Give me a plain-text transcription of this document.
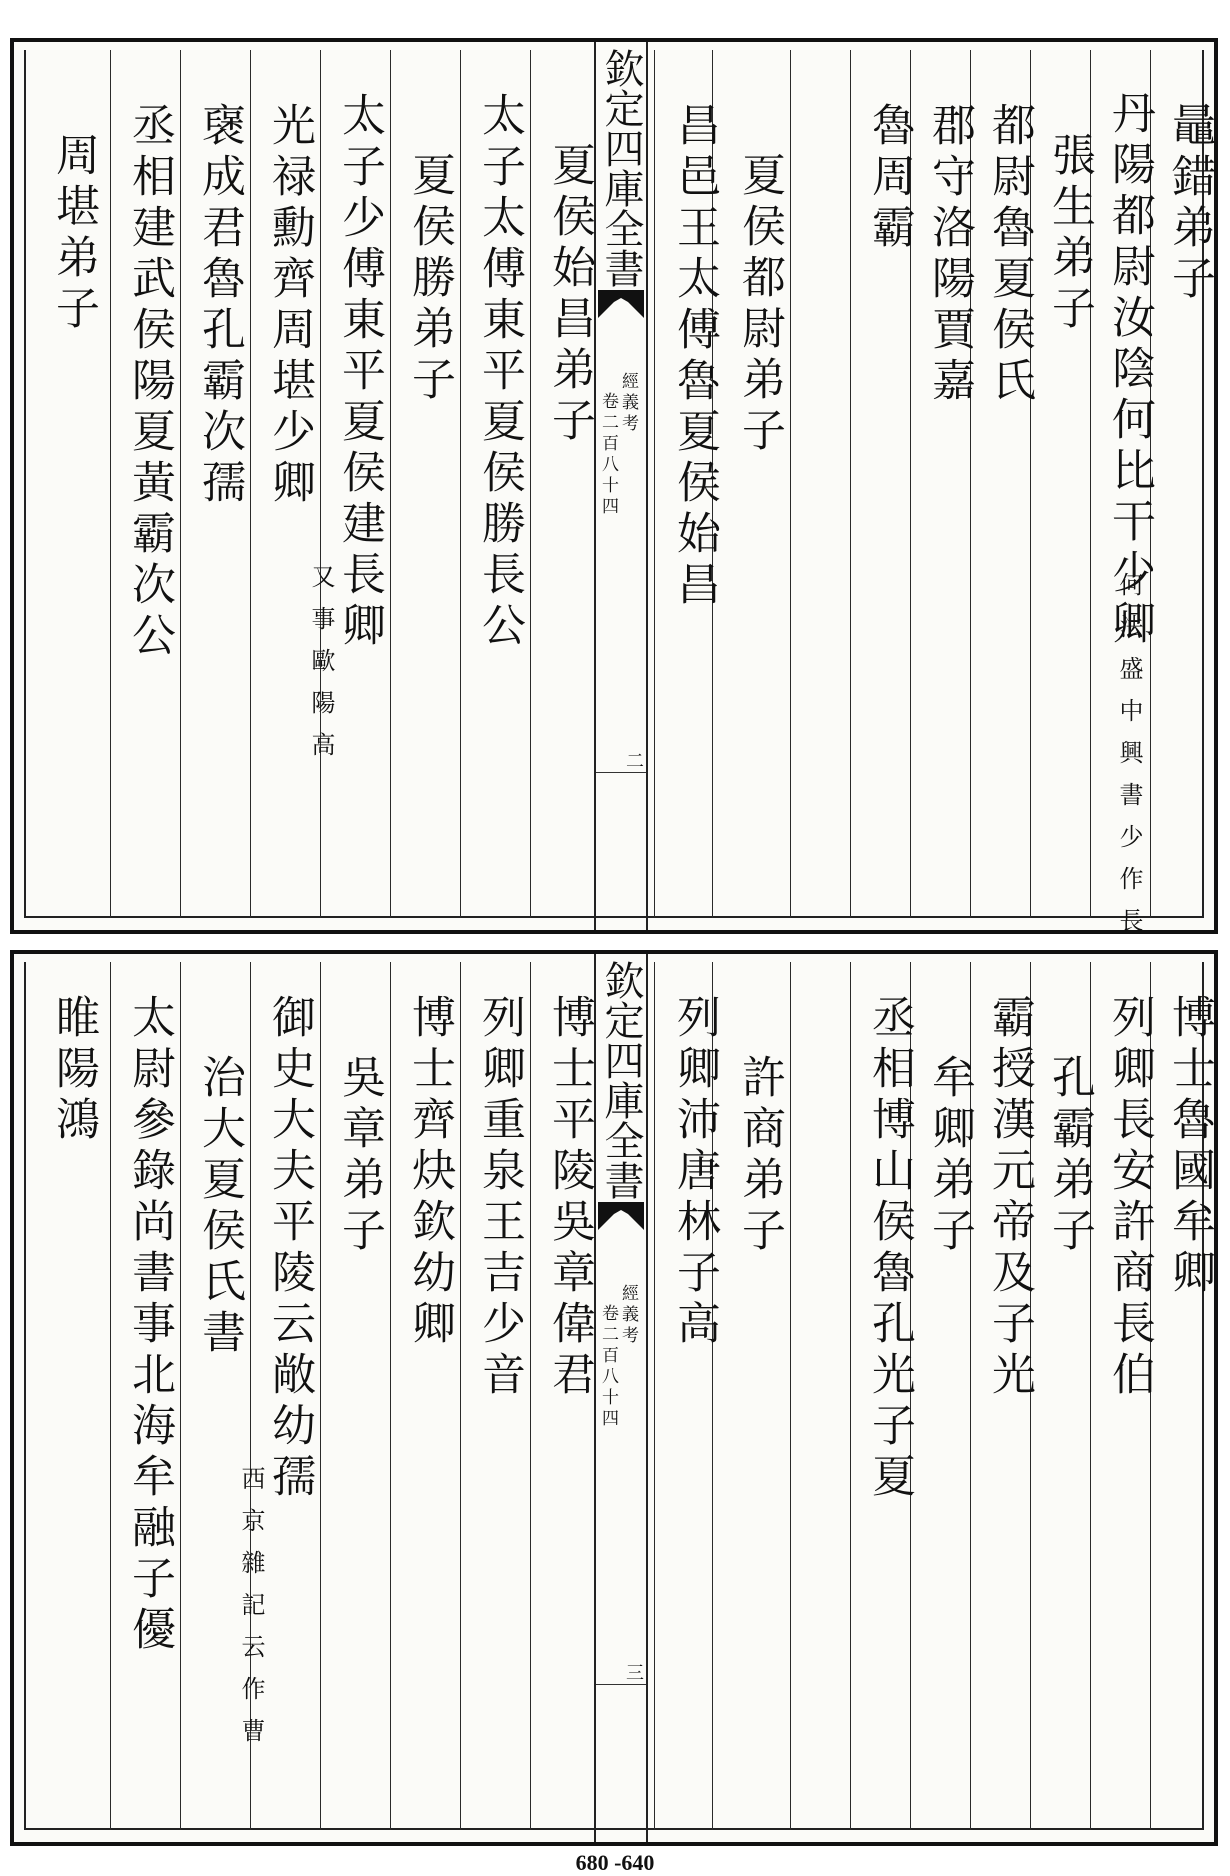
鼂錯弟子
丹陽都尉汝陰何比干少卿
何法盛中興書少作長
張生弟子
都尉魯夏侯氏
郡守洛陽賈嘉
魯周霸
夏侯都尉弟子
昌邑王太傅魯夏侯始昌
欽定四庫全書
經義考
卷二百八十四
二
夏侯始昌弟子
太子太傅東平夏侯勝長公
夏侯勝弟子
太子少傅東平夏侯建長卿
又事歐陽高
光禄勳齊周堪少卿
襃成君魯孔霸次孺
丞相建武侯陽夏黃霸次公
周堪弟子
博士魯國牟卿
列卿長安許商長伯
孔霸弟子
霸授漢元帝及子光
牟卿弟子
丞相博山侯魯孔光子夏
許商弟子
列卿沛唐林子高
欽定四庫全書
經義考
卷二百八十四
三
博士平陵吳章偉君
列卿重泉王吉少音
博士齊炔欽幼卿
吳章弟子
御史大夫平陵云敞幼孺
西京雜記云作曹
治大夏侯氏書
太尉參錄尚書事北海牟融子優
睢陽鴻
680 -640
